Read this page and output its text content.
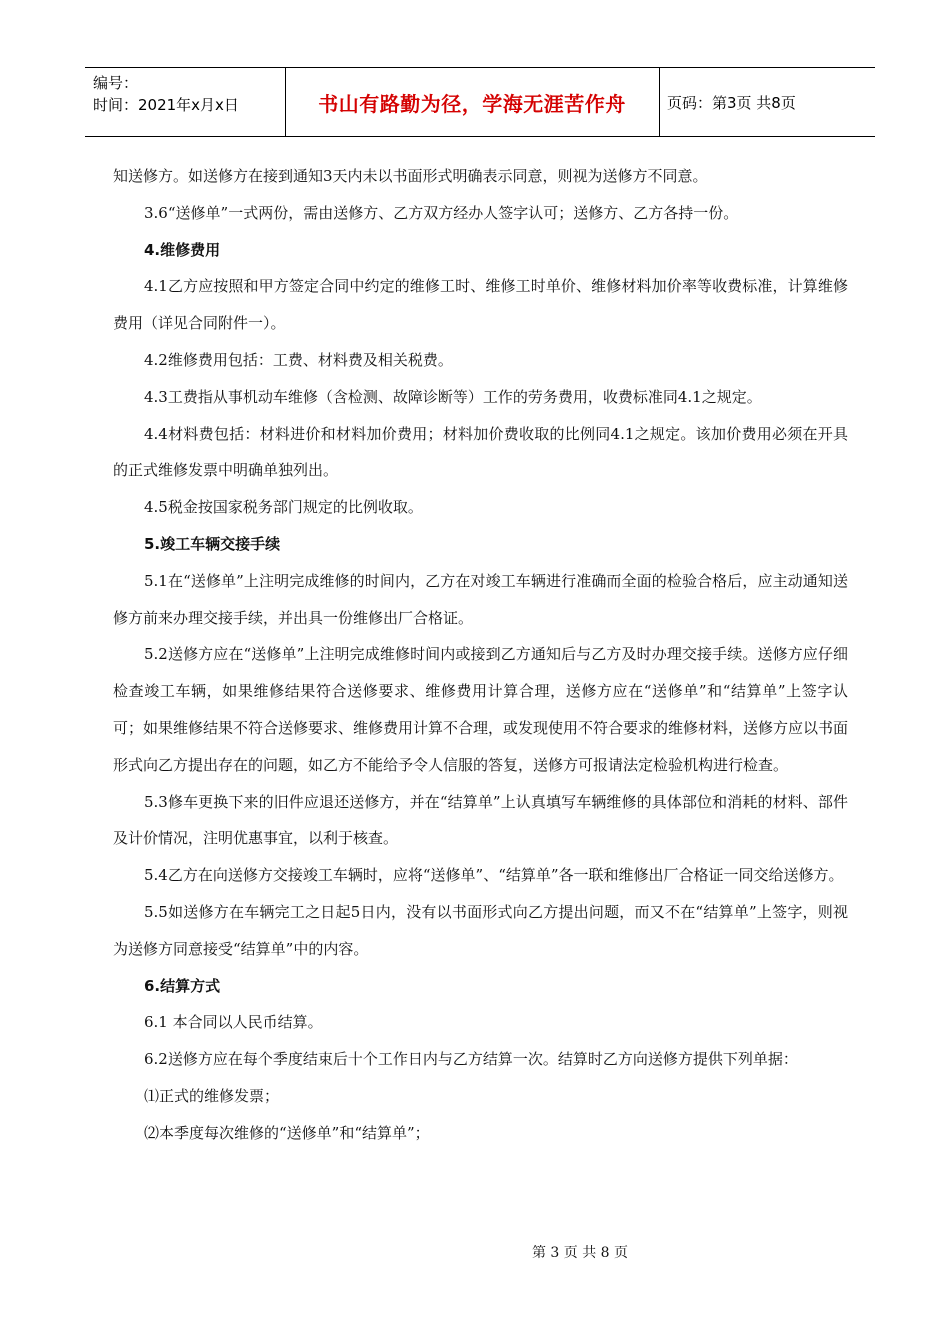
编号：
时间：2021年x月x日	书山有路勤为径，学海无涯苦作舟	页码：第3页 共8页

知送修方。如送修方在接到通知3天内未以书面形式明确表示同意，则视为送修方不同意。

3.6“送修单”一式两份，需由送修方、乙方双方经办人签字认可；送修方、乙方各持一份。

4.维修费用

4.1乙方应按照和甲方签定合同中约定的维修工时、维修工时单价、维修材料加价率等收费标准，计算维修费用（详见合同附件一）。

4.2维修费用包括：工费、材料费及相关税费。

4.3工费指从事机动车维修（含检测、故障诊断等）工作的劳务费用，收费标准同4.1之规定。

4.4材料费包括：材料进价和材料加价费用；材料加价费收取的比例同4.1之规定。该加价费用必须在开具的正式维修发票中明确单独列出。

4.5税金按国家税务部门规定的比例收取。

5.竣工车辆交接手续

5.1在“送修单”上注明完成维修的时间内，乙方在对竣工车辆进行准确而全面的检验合格后，应主动通知送修方前来办理交接手续，并出具一份维修出厂合格证。

5.2送修方应在“送修单”上注明完成维修时间内或接到乙方通知后与乙方及时办理交接手续。送修方应仔细检查竣工车辆，如果维修结果符合送修要求、维修费用计算合理，送修方应在“送修单”和“结算单”上签字认可；如果维修结果不符合送修要求、维修费用计算不合理，或发现使用不符合要求的维修材料，送修方应以书面形式向乙方提出存在的问题，如乙方不能给予令人信服的答复，送修方可报请法定检验机构进行检查。

5.3修车更换下来的旧件应退还送修方，并在“结算单”上认真填写车辆维修的具体部位和消耗的材料、部件及计价情况，注明优惠事宜，以利于核查。

5.4乙方在向送修方交接竣工车辆时，应将“送修单”、“结算单”各一联和维修出厂合格证一同交给送修方。

5.5如送修方在车辆完工之日起5日内，没有以书面形式向乙方提出问题，而又不在“结算单”上签字，则视为送修方同意接受“结算单”中的内容。

6.结算方式

6.1 本合同以人民币结算。

6.2送修方应在每个季度结束后十个工作日内与乙方结算一次。结算时乙方向送修方提供下列单据：

⑴正式的维修发票；

⑵本季度每次维修的“送修单”和“结算单”；

第 3 页 共 8 页
